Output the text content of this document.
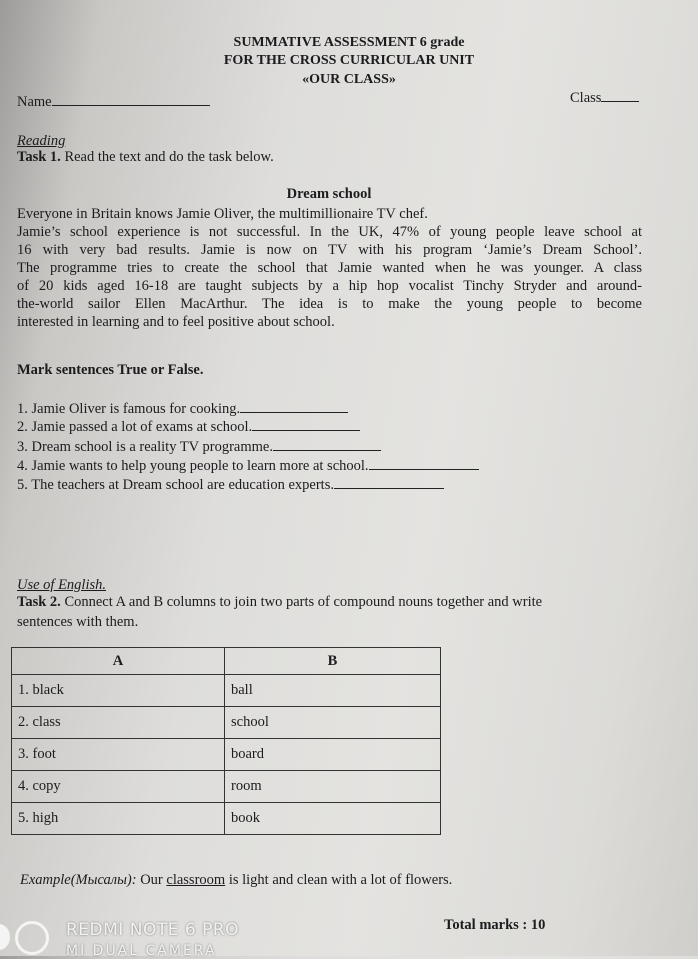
SUMMATIVE ASSESSMENT 6 grade
FOR THE CROSS CURRICULAR UNIT
«OUR CLASS»
Name	Class
Reading
Task 1. Read the text and do the task below.
Dream school
Everyone in Britain knows Jamie Oliver, the multimillionaire TV chef.
Jamie’s school experience is not successful. In the UK, 47% of young people leave school at
16 with very bad results. Jamie is now on TV with his program ‘Jamie’s Dream School’.
The programme tries to create the school that Jamie wanted when he was younger. A class
of 20 kids aged 16-18 are taught subjects by a hip hop vocalist Tinchy Stryder and around-
the-world sailor Ellen MacArthur. The idea is to make the young people to become
interested in learning and to feel positive about school.
Mark sentences True or False.
1. Jamie Oliver is famous for cooking.
2. Jamie passed a lot of exams at school.
3. Dream school is a reality TV programme.
4. Jamie wants to help young people to learn more at school.
5. The teachers at Dream school are education experts.
Use of English.
Task 2. Connect A and B columns to join two parts of compound nouns together and write
sentences with them.
A	B
1. black	ball
2. class	school
3. foot	board
4. copy	room
5. high	book
Example(Мысалы): Our classroom is light and clean with a lot of flowers.
Total marks : 10
REDMI NOTE 6 PRO
MI DUAL CAMERA
